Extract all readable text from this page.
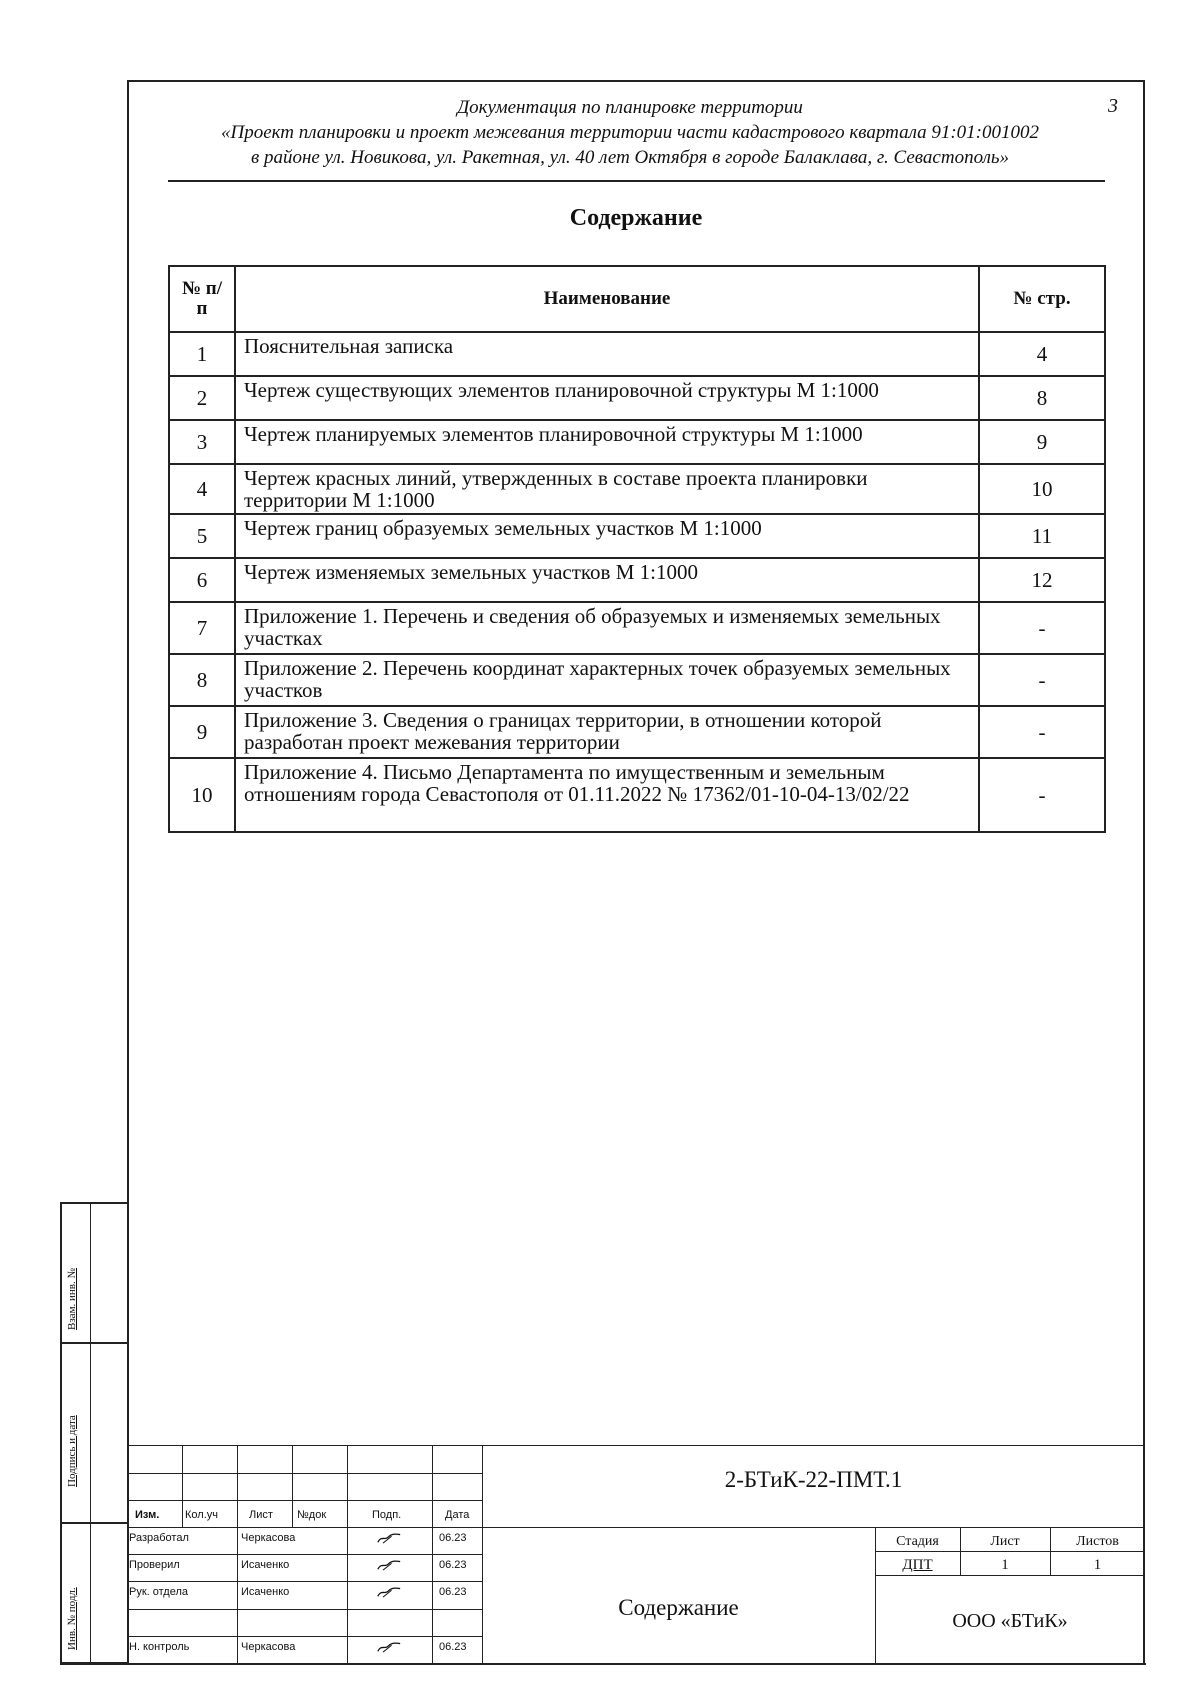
Документация по планировке территории
«Проект планировки и проект межевания территории части кадастрового квартала 91:01:001002
в районе ул. Новикова, ул. Ракетная, ул. 40 лет Октября в городе Балаклава, г. Севастополь»
3
Содержание
№ п/п	Наименование	№ стр.
1	Пояснительная записка	4
2	Чертеж существующих элементов планировочной структуры М 1:1000	8
3	Чертеж планируемых элементов планировочной структуры М 1:1000	9
4	Чертеж красных линий, утвержденных в составе проекта планировки территории М 1:1000	10
5	Чертеж границ образуемых земельных участков М 1:1000	11
6	Чертеж изменяемых земельных участков М 1:1000	12
7	Приложение 1. Перечень и сведения об образуемых и изменяемых земельных участках	-
8	Приложение 2. Перечень координат характерных точек образуемых земельных участков	-
9	Приложение 3. Сведения о границах территории, в отношении которой разработан проект межевания территории	-
10	Приложение 4. Письмо Департамента по имущественным и земельным отношениям города Севастополя от 01.11.2022 № 17362/01-10-04-13/02/22	-
Взам. инв. №
Подпись и дата
Инв. № подл.
Изм. Кол.уч	Лист №док	Подп.	Дата
Разработал	Черкасова	06.23
Проверил	Исаченко	06.23
Рук. отдела	Исаченко	06.23
Н. контроль	Черкасова	06.23
2-БТиК-22-ПМТ.1
Содержание
Стадия	Лист	Листов
ДПТ	1	1
ООО «БТиК»
